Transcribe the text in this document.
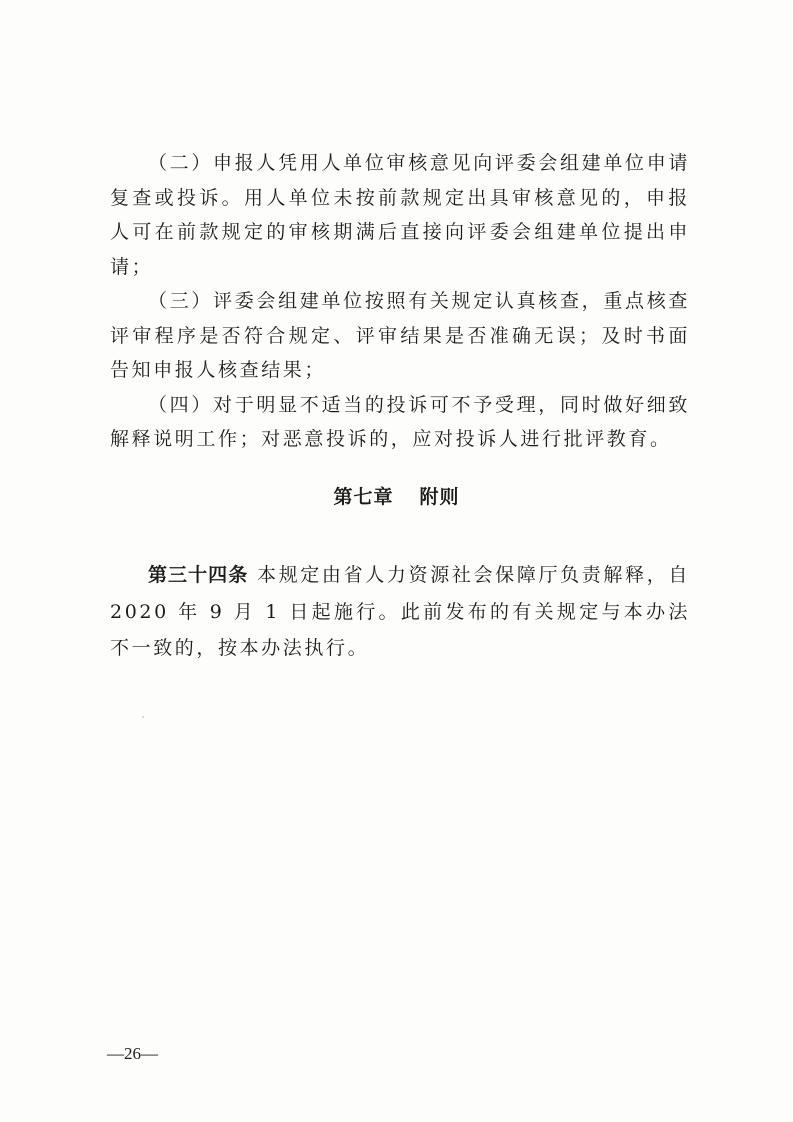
（二）申报人凭用人单位审核意见向评委会组建单位申请复查或投诉。用人单位未按前款规定出具审核意见的，申报人可在前款规定的审核期满后直接向评委会组建单位提出申请；

（三）评委会组建单位按照有关规定认真核查，重点核查评审程序是否符合规定、评审结果是否准确无误；及时书面告知申报人核查结果；

（四）对于明显不适当的投诉可不予受理，同时做好细致解释说明工作；对恶意投诉的，应对投诉人进行批评教育。

第七章 附则

第三十四条 本规定由省人力资源社会保障厅负责解释，自2020 年 9 月 1 日起施行。此前发布的有关规定与本办法不一致的，按本办法执行。

—26—
